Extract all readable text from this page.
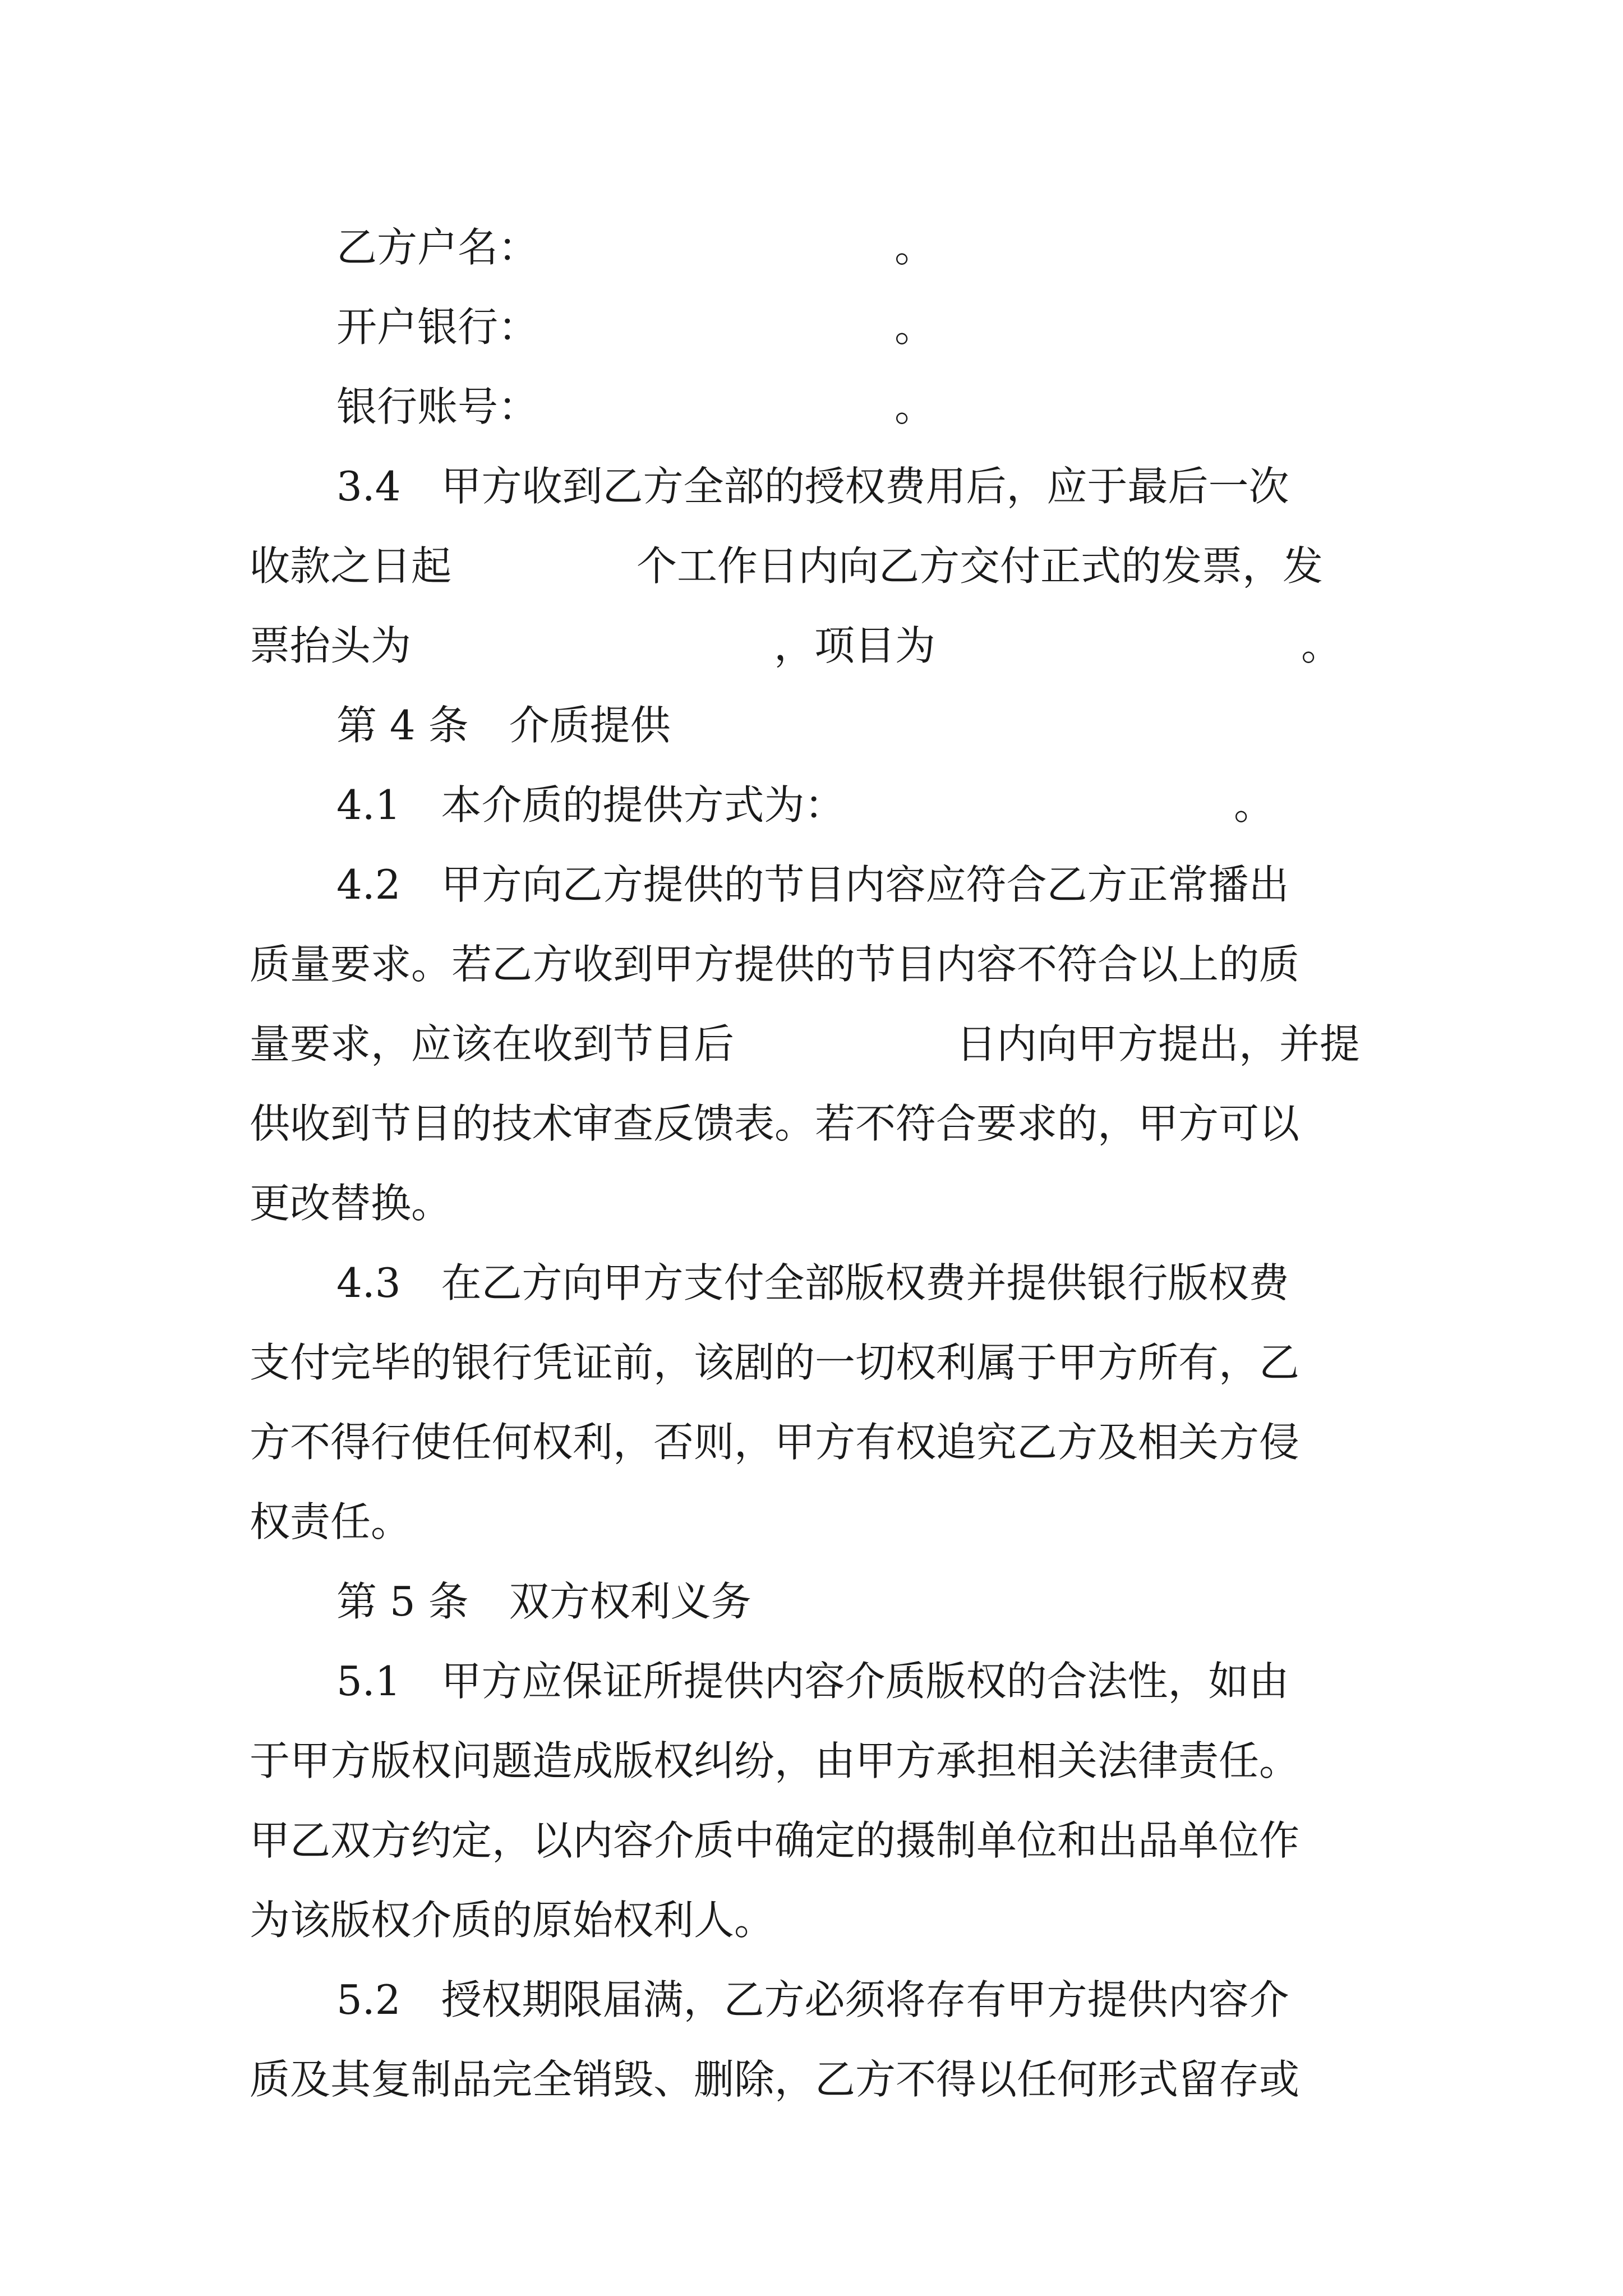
乙方户名：

	。

开户银行：

	。

银行账号：

	。

3.4　甲方收到乙方全部的授权费用后，应于最后一次

收款之日起

	个工作日内向乙方交付正式的发票，发

票抬头为

	，项目为

	。

第 4 条　介质提供

4.1　本介质的提供方式为：

	。

4.2　甲方向乙方提供的节目内容应符合乙方正常播出

质量要求。若乙方收到甲方提供的节目内容不符合以上的质

量要求，应该在收到节目后

	日内向甲方提出，并提

供收到节目的技术审查反馈表。若不符合要求的，甲方可以

更改替换。

4.3　在乙方向甲方支付全部版权费并提供银行版权费

支付完毕的银行凭证前，该剧的一切权利属于甲方所有，乙

方不得行使任何权利，否则，甲方有权追究乙方及相关方侵

权责任。

第 5 条　双方权利义务

5.1　甲方应保证所提供内容介质版权的合法性，如由

于甲方版权问题造成版权纠纷，由甲方承担相关法律责任。

甲乙双方约定，以内容介质中确定的摄制单位和出品单位作

为该版权介质的原始权利人。

5.2　授权期限届满，乙方必须将存有甲方提供内容介

质及其复制品完全销毁、删除，乙方不得以任何形式留存或
